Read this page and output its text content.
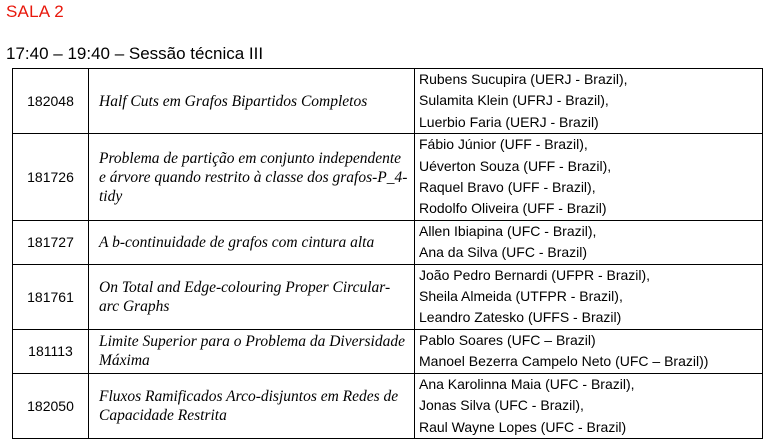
SALA 2
17:40 – 19:40 – Sessão técnica III
182048	Half Cuts em Grafos Bipartidos Completos	Rubens Sucupira (UERJ - Brazil),
Sulamita Klein (UFRJ - Brazil),
Luerbio Faria (UERJ - Brazil)

181726	Problema de partição em conjunto independente e árvore quando restrito à classe dos grafos-P_4-tidy	Fábio Júnior (UFF - Brazil),
Uéverton Souza (UFF - Brazil),
Raquel Bravo (UFF - Brazil),
Rodolfo Oliveira (UFF - Brazil)

181727	A b-continuidade de grafos com cintura alta	Allen Ibiapina (UFC - Brazil),
Ana da Silva (UFC - Brazil)

181761	On Total and Edge-colouring Proper Circular-arc Graphs	João Pedro Bernardi (UFPR - Brazil),
Sheila Almeida (UTFPR - Brazil),
Leandro Zatesko (UFFS - Brazil)

181113	Limite Superior para o Problema da Diversidade Máxima	Pablo Soares (UFC – Brazil)
Manoel Bezerra Campelo Neto (UFC – Brazil))

182050	Fluxos Ramificados Arco-disjuntos em Redes de Capacidade Restrita	Ana Karolinna Maia (UFC - Brazil),
Jonas Silva (UFC - Brazil),
Raul Wayne Lopes (UFC - Brazil)
